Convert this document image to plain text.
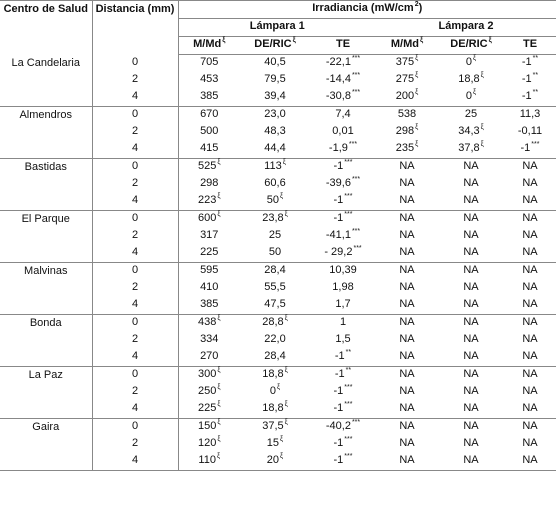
Centro de Salud	Distancia (mm)	Irradiancia $(mW/cm^2)$					
		Lámpara 1			Lámpara 2		
		$M/Md^\xi$	$DE/RIC^\xi$	TE	$M/Md^\xi$	$DE/RIC^\xi$	TE
La Candelaria	0	705	40,5	-22,1***	$375^\xi$	$0^\xi$	-1**
	2	453	79,5	-14,4***	$275^\xi$	$18,8^\xi$	-1**
	4	385	39,4	-30,8***	$200^\xi$	$0^\xi$	-1**
Almendros	0	670	23,0	7,4	538	25	11,3
	2	500	48,3	0,01	$298^\xi$	$34,3^\xi$	-0,11
	4	415	44,4	-1,9***	$235^\xi$	$37,8^\xi$	-1***
Bastidas	0	$525^\xi$	$113^\xi$	-1***	NA	NA	NA
	2	298	60,6	-39,6***	NA	NA	NA
	4	$223^\xi$	$50^\xi$	-1***	NA	NA	NA
El Parque	0	$600^\xi$	$23,8^\xi$	-1***	NA	NA	NA
	2	317	25	-41,1***	NA	NA	NA
	4	225	50	- 29,2***	NA	NA	NA
Malvinas	0	595	28,4	10,39	NA	NA	NA
	2	410	55,5	1,98	NA	NA	NA
	4	385	47,5	1,7	NA	NA	NA
Bonda	0	$438^\xi$	$28,8^\xi$	1	NA	NA	NA
	2	334	22,0	1,5	NA	NA	NA
	4	270	28,4	-1**	NA	NA	NA
La Paz	0	$300^\xi$	$18,8^\xi$	-1**	NA	NA	NA
	2	$250^\xi$	$0^\xi$	-1***	NA	NA	NA
	4	$225^\xi$	$18,8^\xi$	-1***	NA	NA	NA
Gaira	0	$150^\xi$	$37,5^\xi$	-40,2***	NA	NA	NA
	2	$120^\xi$	$15^\xi$	-1***	NA	NA	NA
	4	$110^\xi$	$20^\xi$	-1***	NA	NA	NA
